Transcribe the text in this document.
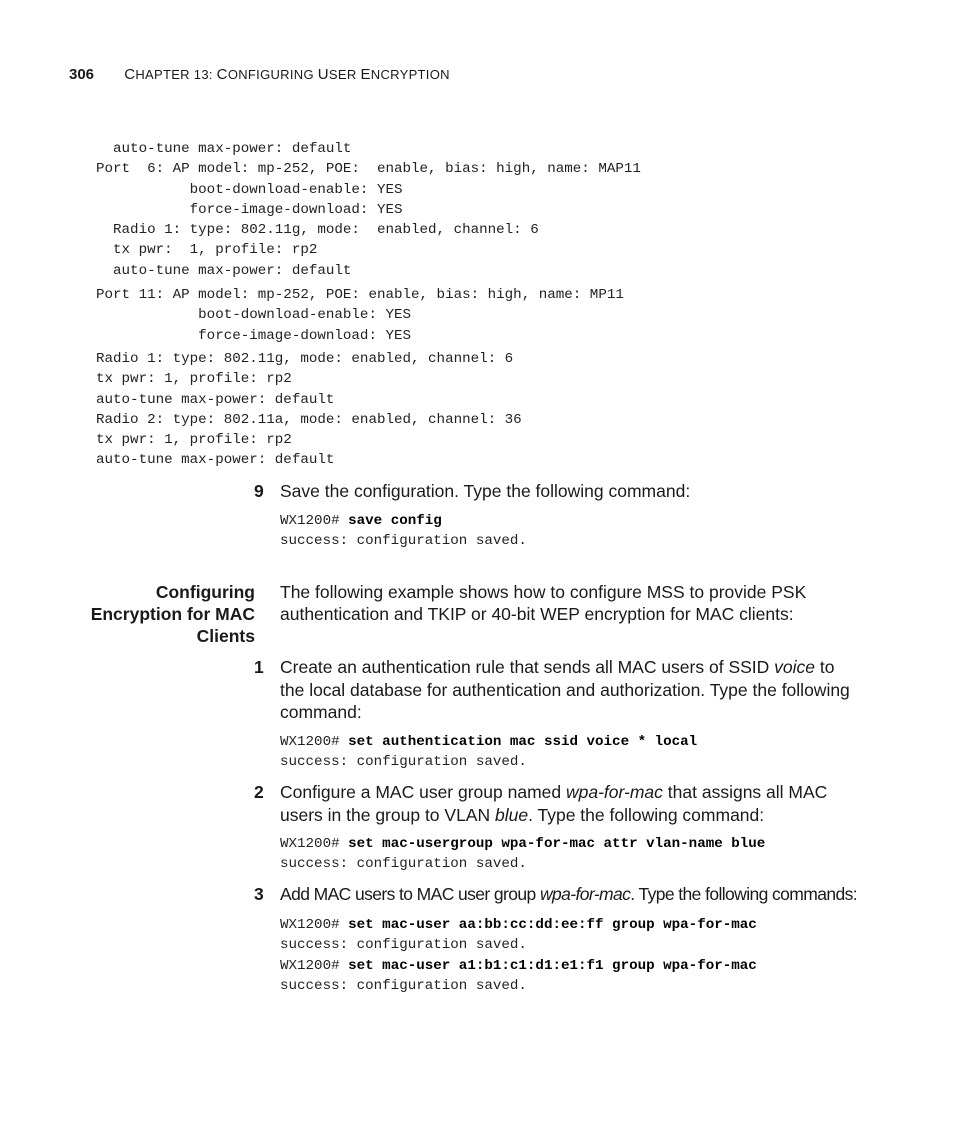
306 CHAPTER 13: CONFIGURING USER ENCRYPTION
auto-tune max-power: default
Port  6: AP model: mp-252, POE:  enable, bias: high, name: MAP11
boot-download-enable: YES
force-image-download: YES
Radio 1: type: 802.11g, mode:  enabled, channel: 6
tx pwr:  1, profile: rp2
auto-tune max-power: default
Port 11: AP model: mp-252, POE: enable, bias: high, name: MP11
boot-download-enable: YES
force-image-download: YES
Radio 1: type: 802.11g, mode: enabled, channel: 6
tx pwr: 1, profile: rp2
auto-tune max-power: default
Radio 2: type: 802.11a, mode: enabled, channel: 36
tx pwr: 1, profile: rp2
auto-tune max-power: default
9 Save the configuration. Type the following command:
WX1200# save config
success: configuration saved.
Configuring
Encryption for MAC
Clients
The following example shows how to configure MSS to provide PSK authentication and TKIP or 40-bit WEP encryption for MAC clients:
1 Create an authentication rule that sends all MAC users of SSID voice to the local database for authentication and authorization. Type the following command:
WX1200# set authentication mac ssid voice * local
success: configuration saved.
2 Configure a MAC user group named wpa-for-mac that assigns all MAC users in the group to VLAN blue. Type the following command:
WX1200# set mac-usergroup wpa-for-mac attr vlan-name blue
success: configuration saved.
3 Add MAC users to MAC user group wpa-for-mac. Type the following commands:
WX1200# set mac-user aa:bb:cc:dd:ee:ff group wpa-for-mac
success: configuration saved.
WX1200# set mac-user a1:b1:c1:d1:e1:f1 group wpa-for-mac
success: configuration saved.
